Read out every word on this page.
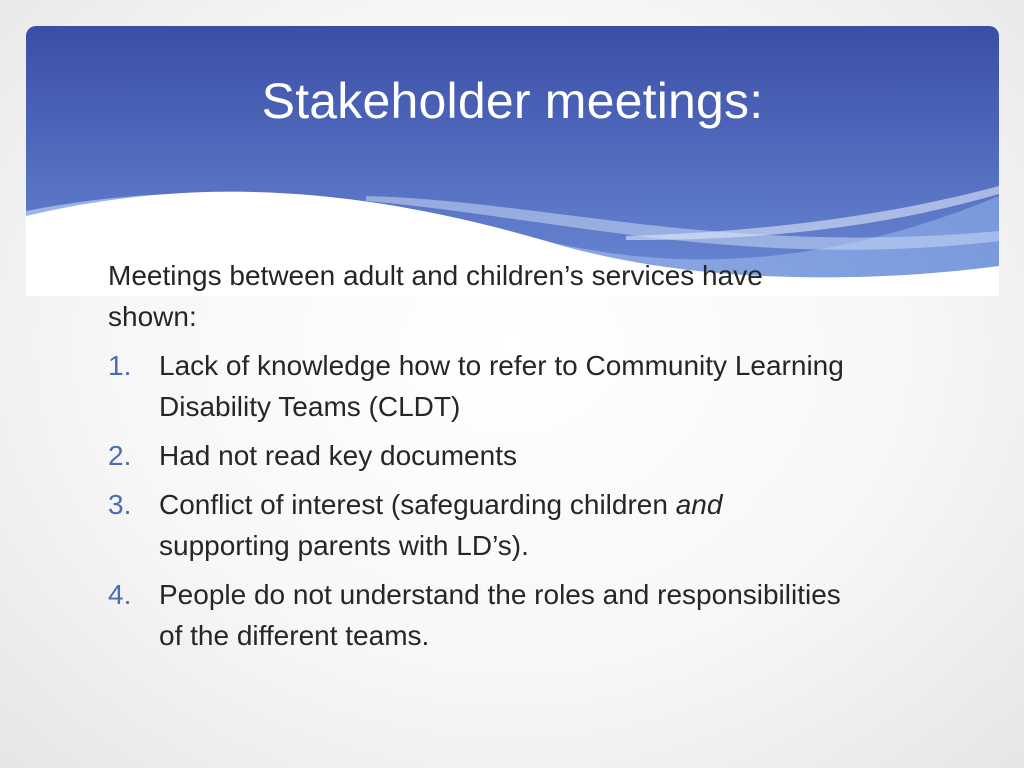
Stakeholder meetings:

Meetings between adult and children’s services have shown:

1. Lack of knowledge how to refer to Community Learning Disability Teams (CLDT)
2. Had not read key documents
3. Conflict of interest (safeguarding children and supporting parents with LD’s).
4. People do not understand the roles and responsibilities of the different teams.
